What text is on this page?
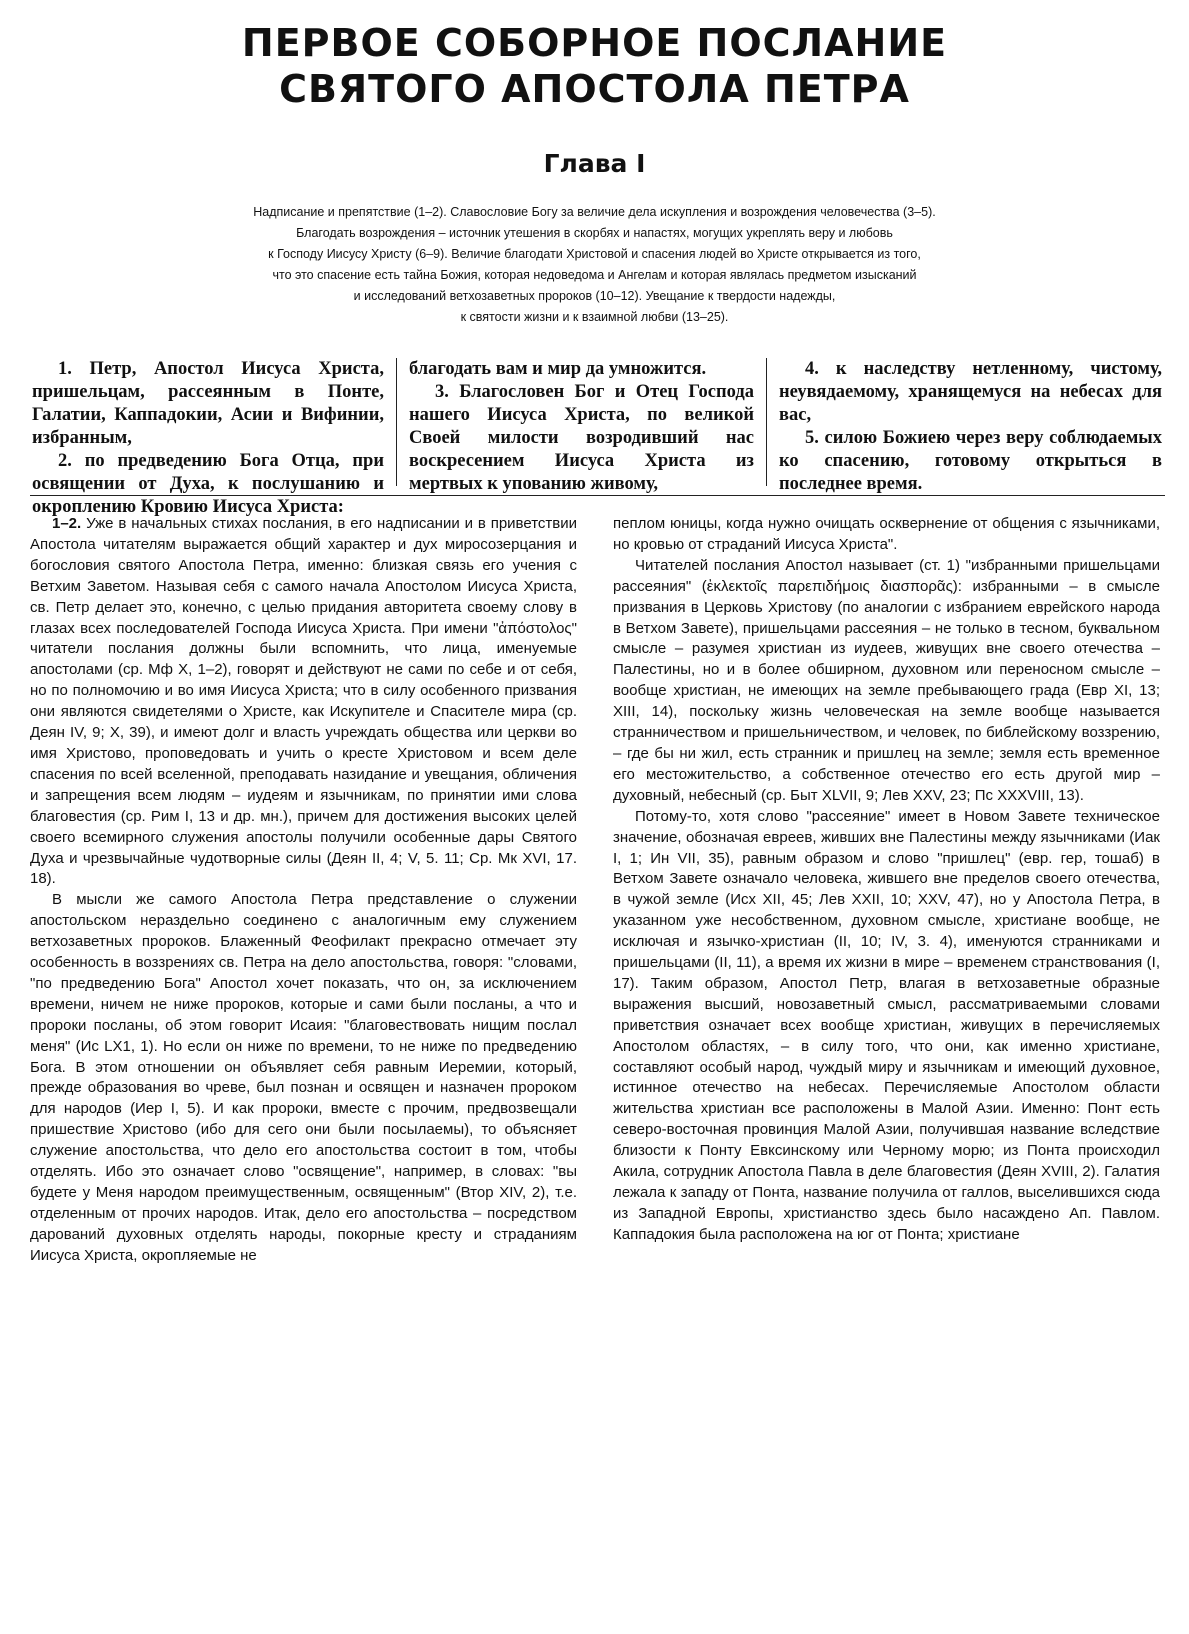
ПЕРВОЕ СОБОРНОЕ ПОСЛАНИЕ
СВЯТОГО АПОСТОЛА ПЕТРА
Глава I
Надписание и препятствие (1–2). Славословие Богу за величие дела искупления и возрождения человечества (3–5).
Благодать возрождения – источник утешения в скорбях и напастях, могущих укреплять веру и любовь
к Господу Иисусу Христу (6–9). Величие благодати Христовой и спасения людей во Христе открывается из того,
что это спасение есть тайна Божия, которая недоведома и Ангелам и которая являлась предметом изысканий
и исследований ветхозаветных пророков (10–12). Увещание к твердости надежды,
к святости жизни и к взаимной любви (13–25).

1. Петр, Апостол Иисуса Христа, пришельцам, рассеянным в Понте, Галатии, Каппадокии, Асии и Вифинии, избранным,

2. по предведению Бога Отца, при освящении от Духа, к послушанию и окроплению Кровию Иисуса Христа:

благодать вам и мир да умножится.

3. Благословен Бог и Отец Господа нашего Иисуса Христа, по великой Своей милости возродивший нас воскресением Иисуса Христа из мертвых к упованию живому,

4. к наследству нетленному, чистому, неувядаемому, хранящемуся на небесах для вас,

5. силою Божиею через веру соблюдаемых ко спасению, готовому открыться в последнее время.

1–2. Уже в начальных стихах послания, в его надписании и в приветствии Апостола читателям выражается общий характер и дух миросозерцания и богословия святого Апостола Петра, именно: близкая связь его учения с Ветхим Заветом. Называя себя с самого начала Апостолом Иисуса Христа, св. Петр делает это, конечно, с целью придания авторитета своему слову в глазах всех последователей Господа Иисуса Христа. При имени "ἀπόστολος" читатели послания должны были вспомнить, что лица, именуемые апостолами (ср. Мф X, 1–2), говорят и действуют не сами по себе и от себя, но по полномочию и во имя Иисуса Христа; что в силу особенного призвания они являются свидетелями о Христе, как Искупителе и Спасителе мира (ср. Деян IV, 9; X, 39), и имеют долг и власть учреждать общества или церкви во имя Христово, проповедовать и учить о кресте Христовом и всем деле спасения по всей вселенной, преподавать назидание и увещания, обличения и запрещения всем людям – иудеям и язычникам, по принятии ими слова благовестия (ср. Рим I, 13 и др. мн.), причем для достижения высоких целей своего всемирного служения апостолы получили особенные дары Святого Духа и чрезвычайные чудотворные силы (Деян II, 4; V, 5. 11; Ср. Мк XVI, 17. 18).

В мысли же самого Апостола Петра представление о служении апостольском нераздельно соединено с аналогичным ему служением ветхозаветных пророков. Блаженный Феофилакт прекрасно отмечает эту особенность в воззрениях св. Петра на дело апостольства, говоря: "словами, "по предведению Бога" Апостол хочет показать, что он, за исключением времени, ничем не ниже пророков, которые и сами были посланы, а что и пророки посланы, об этом говорит Исаия: "благовествовать нищим послал меня" (Ис LX1, 1). Но если он ниже по времени, то не ниже по предведению Бога. В этом отношении он объявляет себя равным Иеремии, который, прежде образования во чреве, был познан и освящен и назначен пророком для народов (Иер I, 5). И как пророки, вместе с прочим, предвозвещали пришествие Христово (ибо для сего они были посылаемы), то объясняет служение апостольства, что дело его апостольства состоит в том, чтобы отделять. Ибо это означает слово "освящение", например, в словах: "вы будете у Меня народом преимущественным, освященным" (Втор XIV, 2), т.е. отделенным от прочих народов. Итак, дело его апостольства – посредством дарований духовных отделять народы, покорные кресту и страданиям Иисуса Христа, окропляемые не

пеплом юницы, когда нужно очищать осквернение от общения с язычниками, но кровью от страданий Иисуса Христа".

Читателей послания Апостол называет (ст. 1) "избранными пришельцами рассеяния" (ἐκλεκτοῖς παρεπιδήμοις διασπορᾶς): избранными – в смысле призвания в Церковь Христову (по аналогии с избранием еврейского народа в Ветхом Завете), пришельцами рассеяния – не только в тесном, буквальном смысле – разумея христиан из иудеев, живущих вне своего отечества – Палестины, но и в более обширном, духовном или переносном смысле – вообще христиан, не имеющих на земле пребывающего града (Евр XI, 13; XIII, 14), поскольку жизнь человеческая на земле вообще называется странничеством и пришельничеством, и человек, по библейскому воззрению, – где бы ни жил, есть странник и пришлец на земле; земля есть временное его местожительство, а собственное отечество его есть другой мир – духовный, небесный (ср. Быт XLVII, 9; Лев XXV, 23; Пс XXXVIII, 13).

Потому-то, хотя слово "рассеяние" имеет в Новом Завете техническое значение, обозначая евреев, живших вне Палестины между язычниками (Иак I, 1; Ин VII, 35), равным образом и слово "пришлец" (евр. гер, тошаб) в Ветхом Завете означало человека, жившего вне пределов своего отечества, в чужой земле (Исх XII, 45; Лев XXII, 10; XXV, 47), но у Апостола Петра, в указанном уже несобственном, духовном смысле, христиане вообще, не исключая и язычко-христиан (II, 10; IV, 3. 4), именуются странниками и пришельцами (II, 11), а время их жизни в мире – временем странствования (I, 17). Таким образом, Апостол Петр, влагая в ветхозаветные образные выражения высший, новозаветный смысл, рассматриваемыми словами приветствия означает всех вообще христиан, живущих в перечисляемых Апостолом областях, – в силу того, что они, как именно христиане, составляют особый народ, чуждый миру и язычникам и имеющий духовное, истинное отечество на небесах. Перечисляемые Апостолом области жительства христиан все расположены в Малой Азии. Именно: Понт есть северо-восточная провинция Малой Азии, получившая название вследствие близости к Понту Евксинскому или Черному морю; из Понта происходил Акила, сотрудник Апостола Павла в деле благовестия (Деян XVIII, 2). Галатия лежала к западу от Понта, название получила от галлов, выселившихся сюда из Западной Европы, христианство здесь было насаждено Ап. Павлом. Каппадокия была расположена на юг от Понта; христиане
